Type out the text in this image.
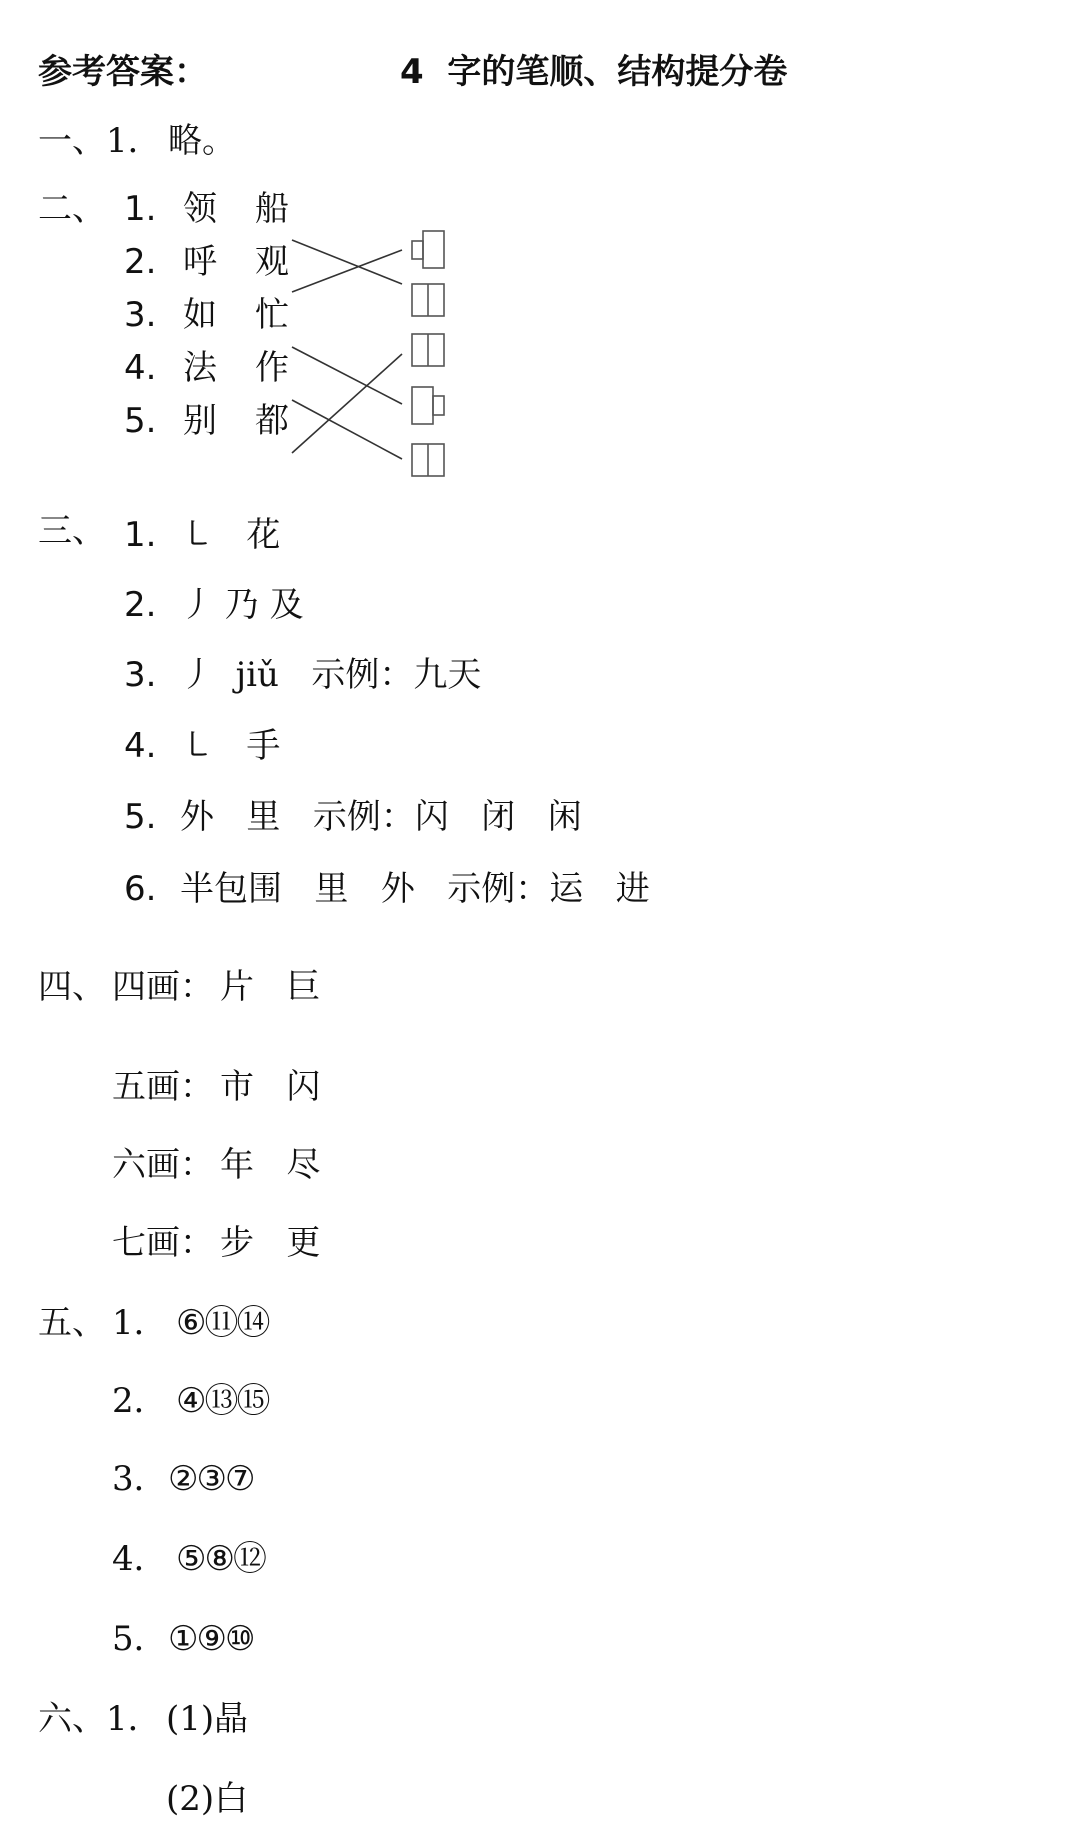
参考答案：	4  字的笔顺、结构提分卷
一、1． 略。
二、 1. 领 船
2. 呼 观
3. 如 忙
4. 法 作
5. 别 都
三、 1. ㇄   花
2. 丿 乃 及
3. 丿  jiǔ   示例：九天
4. ㇄   手
5. 外   里   示例：闪   闭   闲
6. 半包围   里   外   示例：运   进
四、 四画： 片   巨
五画： 市   闪
六画： 年   尽
七画： 步   更
五、 1． ⑥⑪⑭
2． ④⑬⑮
3． ②③⑦
4． ⑤⑧⑫
5． ①⑨⑩
六、1． (1)晶
(2)白
